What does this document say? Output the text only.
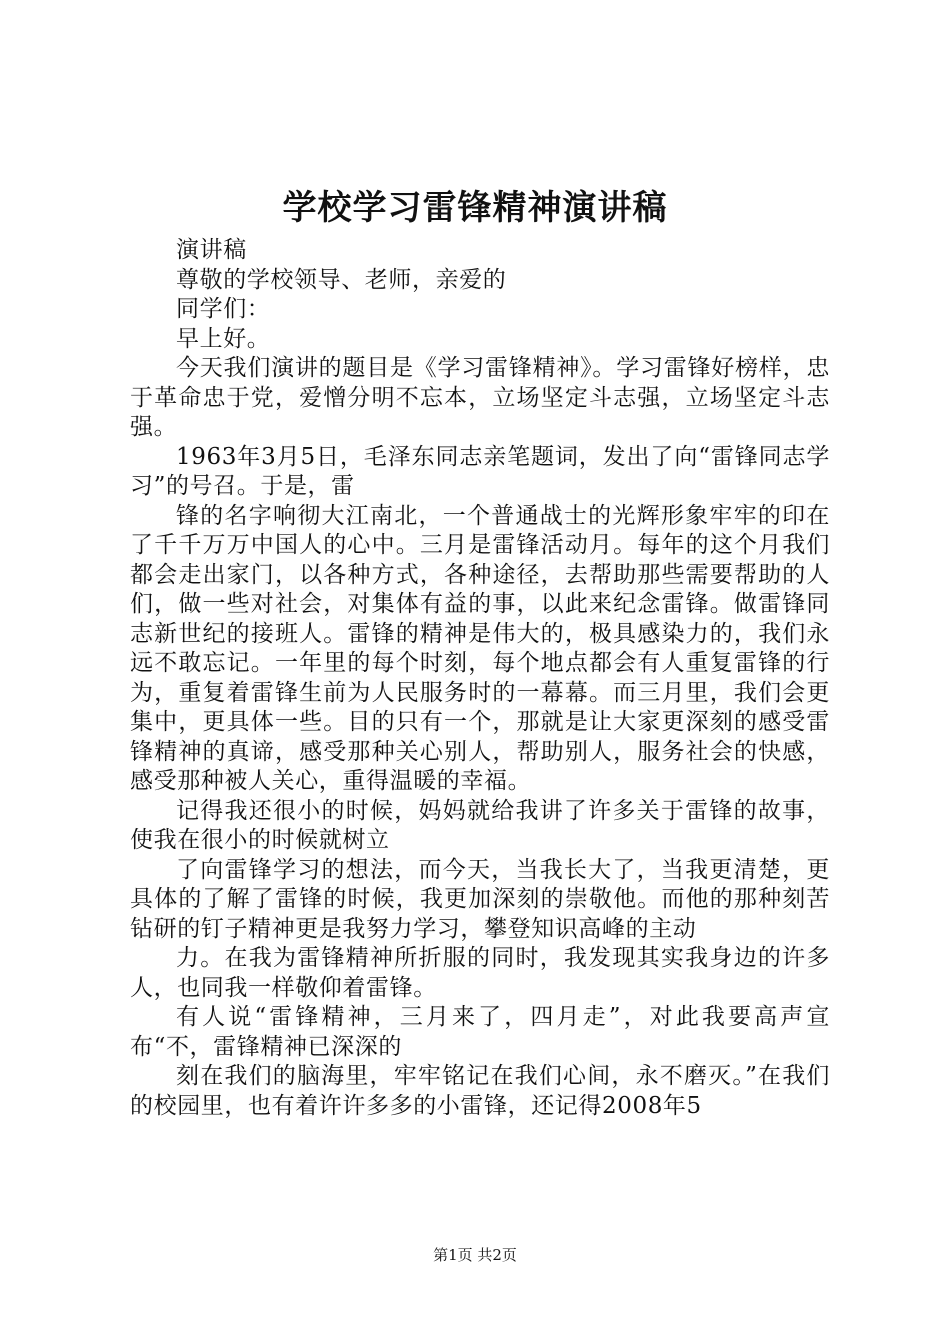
学校学习雷锋精神演讲稿

演讲稿

尊敬的学校领导、老师，亲爱的

同学们：

早上好。

今天我们演讲的题目是《学习雷锋精神》。学习雷锋好榜样，忠于革命忠于党，爱憎分明不忘本，立场坚定斗志强，立场坚定斗志强。

1963年3月5日，毛泽东同志亲笔题词，发出了向“雷锋同志学习”的号召。于是，雷

锋的名字响彻大江南北，一个普通战士的光辉形象牢牢的印在了千千万万中国人的心中。三月是雷锋活动月。每年的这个月我们都会走出家门，以各种方式，各种途径，去帮助那些需要帮助的人们，做一些对社会，对集体有益的事，以此来纪念雷锋。做雷锋同志新世纪的接班人。雷锋的精神是伟大的，极具感染力的，我们永远不敢忘记。一年里的每个时刻，每个地点都会有人重复雷锋的行为，重复着雷锋生前为人民服务时的一幕幕。而三月里，我们会更集中，更具体一些。目的只有一个，那就是让大家更深刻的感受雷锋精神的真谛，感受那种关心别人，帮助别人，服务社会的快感，感受那种被人关心，重得温暖的幸福。

记得我还很小的时候，妈妈就给我讲了许多关于雷锋的故事，使我在很小的时候就树立

了向雷锋学习的想法，而今天，当我长大了，当我更清楚，更具体的了解了雷锋的时候，我更加深刻的崇敬他。而他的那种刻苦钻研的钉子精神更是我努力学习，攀登知识高峰的主动

力。在我为雷锋精神所折服的同时，我发现其实我身边的许多人，也同我一样敬仰着雷锋。

有人说“雷锋精神，三月来了，四月走”，对此我要高声宣布“不，雷锋精神已深深的

刻在我们的脑海里，牢牢铭记在我们心间，永不磨灭。”在我们的校园里，也有着许许多多的小雷锋，还记得2008年5

第1页 共2页
